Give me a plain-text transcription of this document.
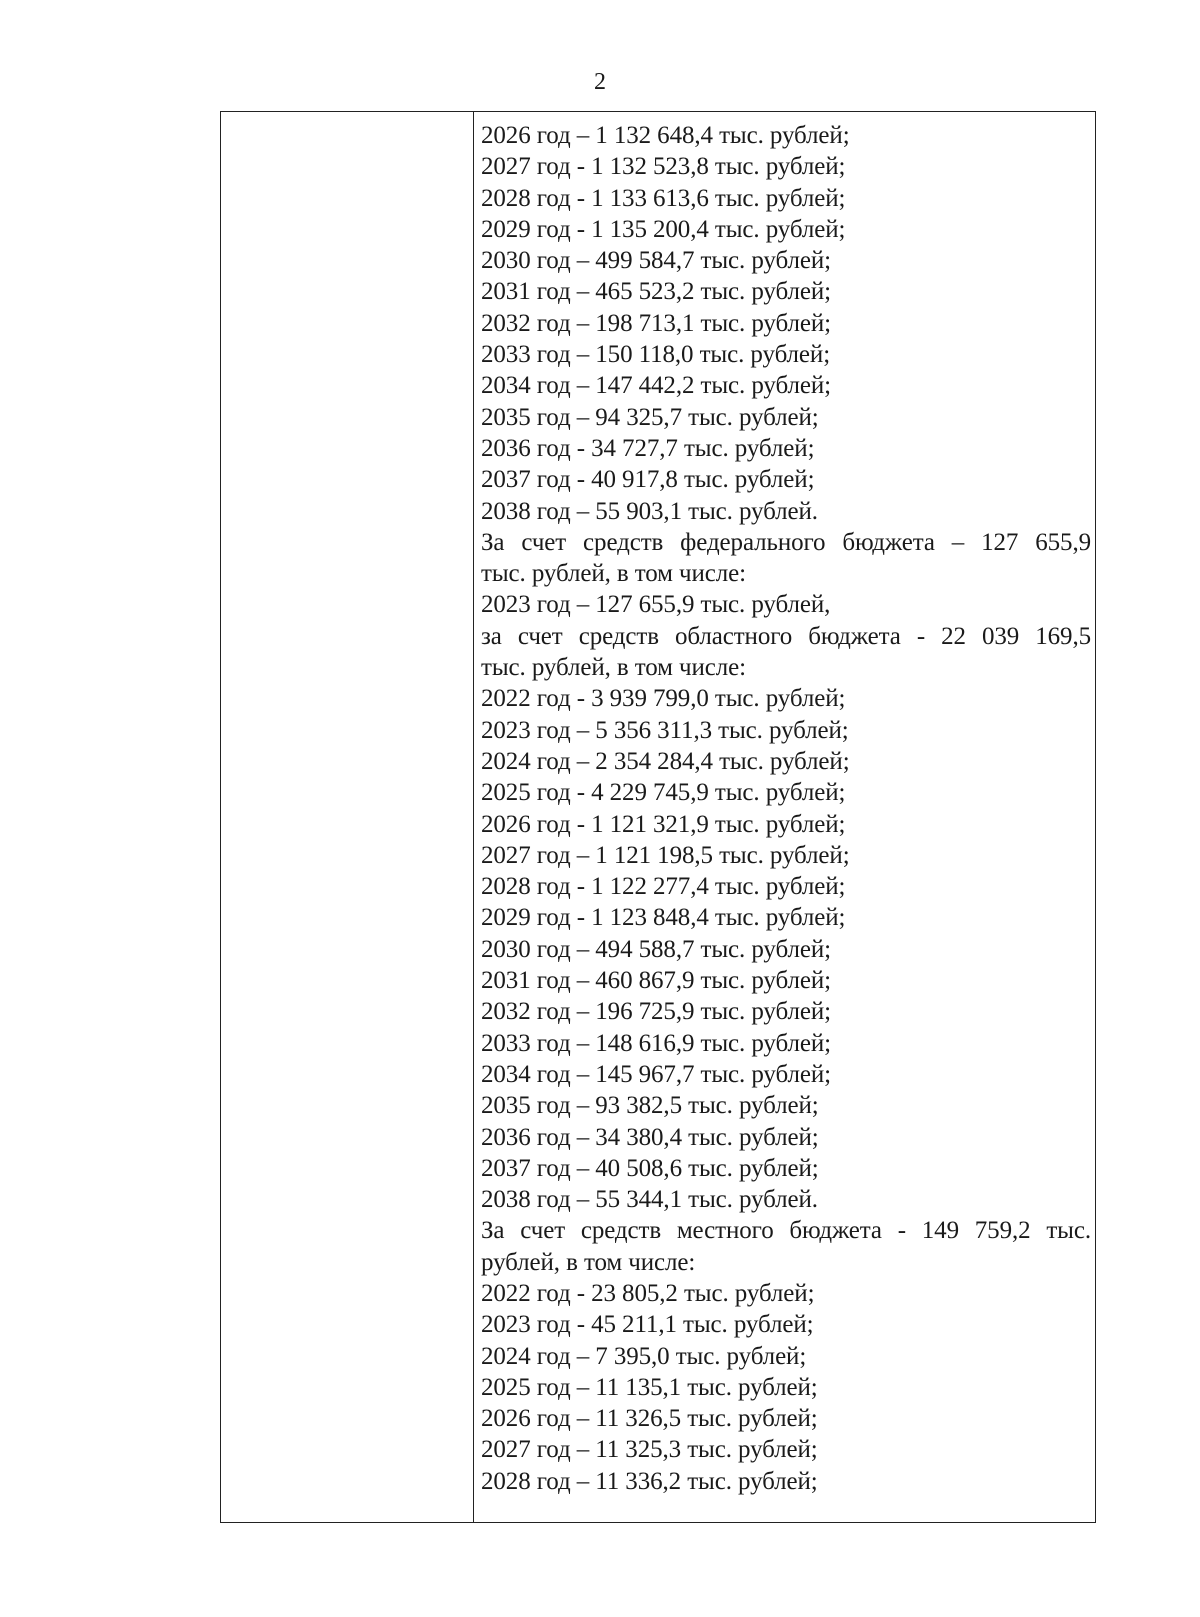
2
2026 год – 1 132 648,4 тыс. рублей;
2027 год - 1 132 523,8 тыс. рублей;
2028 год - 1 133 613,6 тыс. рублей;
2029 год - 1 135 200,4 тыс. рублей;
2030 год – 499 584,7 тыс. рублей;
2031 год – 465 523,2 тыс. рублей;
2032 год – 198 713,1 тыс. рублей;
2033 год – 150 118,0 тыс. рублей;
2034 год – 147 442,2 тыс. рублей;
2035 год – 94 325,7 тыс. рублей;
2036 год - 34 727,7 тыс. рублей;
2037 год - 40 917,8 тыс. рублей;
2038 год – 55 903,1 тыс. рублей.
За счет средств федерального бюджета – 127 655,9
тыс. рублей, в том числе:
2023 год – 127 655,9 тыс. рублей,
за счет средств областного бюджета - 22 039 169,5
тыс. рублей, в том числе:
2022 год - 3 939 799,0 тыс. рублей;
2023 год – 5 356 311,3 тыс. рублей;
2024 год – 2 354 284,4 тыс. рублей;
2025 год - 4 229 745,9 тыс. рублей;
2026 год - 1 121 321,9 тыс. рублей;
2027 год – 1 121 198,5 тыс. рублей;
2028 год - 1 122 277,4 тыс. рублей;
2029 год - 1 123 848,4 тыс. рублей;
2030 год – 494 588,7 тыс. рублей;
2031 год – 460 867,9 тыс. рублей;
2032 год – 196 725,9 тыс. рублей;
2033 год – 148 616,9 тыс. рублей;
2034 год – 145 967,7 тыс. рублей;
2035 год – 93 382,5 тыс. рублей;
2036 год – 34 380,4 тыс. рублей;
2037 год – 40 508,6 тыс. рублей;
2038 год – 55 344,1 тыс. рублей.
За счет средств местного бюджета - 149 759,2 тыс.
рублей, в том числе:
2022 год - 23 805,2 тыс. рублей;
2023 год - 45 211,1 тыс. рублей;
2024 год – 7 395,0 тыс. рублей;
2025 год – 11 135,1 тыс. рублей;
2026 год – 11 326,5 тыс. рублей;
2027 год – 11 325,3 тыс. рублей;
2028 год – 11 336,2 тыс. рублей;
